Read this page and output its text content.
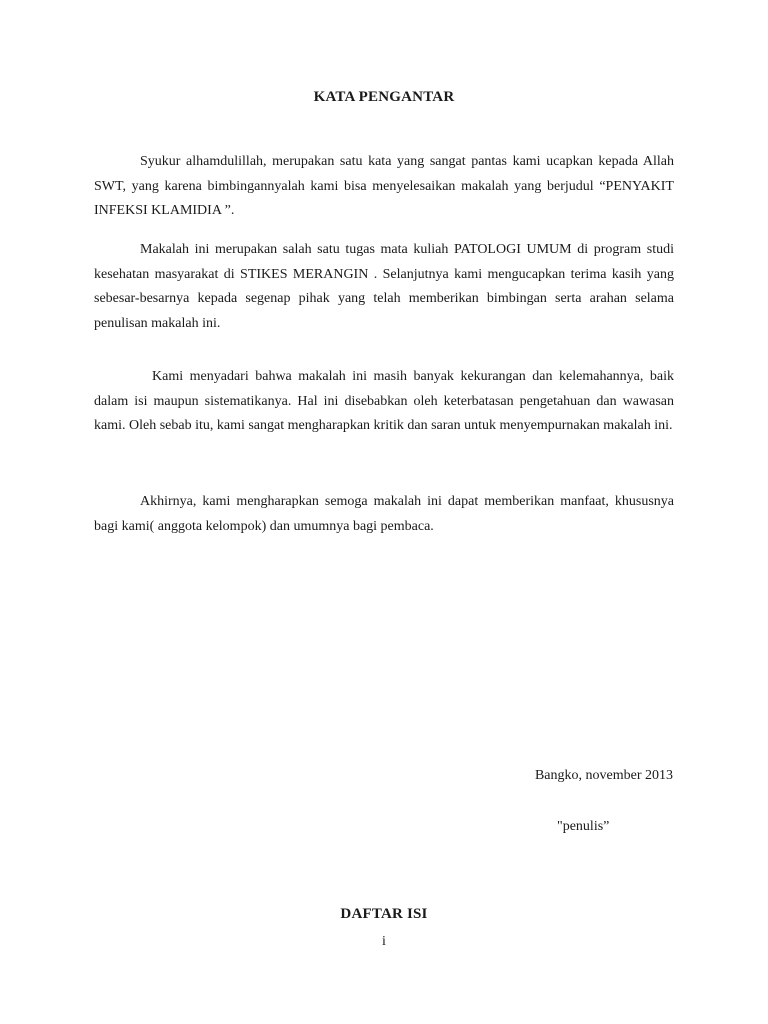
KATA PENGANTAR
Syukur alhamdulillah, merupakan satu kata yang sangat pantas kami ucapkan kepada Allah SWT, yang karena bimbingannyalah kami bisa menyelesaikan makalah yang berjudul “PENYAKIT INFEKSI KLAMIDIA ”.
Makalah ini merupakan salah satu tugas mata kuliah PATOLOGI UMUM di program studi kesehatan masyarakat di STIKES MERANGIN . Selanjutnya kami mengucapkan terima kasih yang sebesar-besarnya kepada segenap pihak yang telah memberikan bimbingan serta arahan selama penulisan makalah ini.
Kami menyadari bahwa makalah ini masih banyak kekurangan dan kelemahannya, baik dalam isi maupun sistematikanya. Hal ini disebabkan oleh keterbatasan pengetahuan dan wawasan kami. Oleh sebab itu, kami sangat mengharapkan kritik dan saran untuk menyempurnakan makalah ini.
Akhirnya, kami mengharapkan semoga makalah ini dapat memberikan manfaat, khususnya bagi kami( anggota kelompok) dan umumnya bagi pembaca.
Bangko, november 2013
"penulis”
DAFTAR ISI
i
